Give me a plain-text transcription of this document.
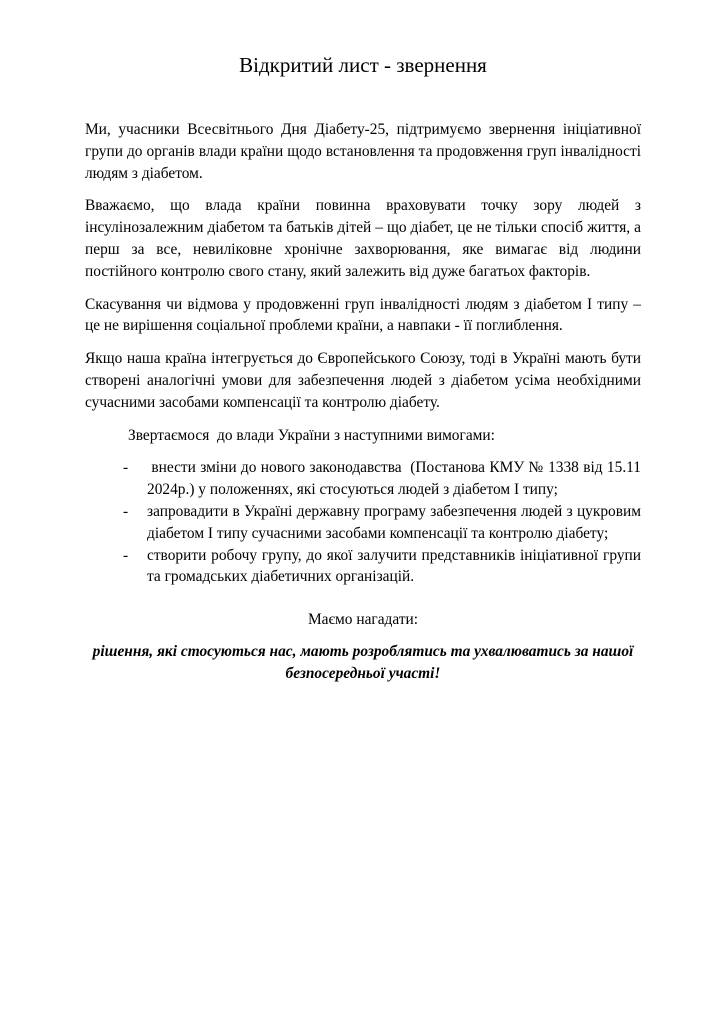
Відкритий лист - звернення

Ми, учасники Всесвітнього Дня Діабету-25, підтримуємо звернення ініціативної групи до органів влади країни щодо встановлення та продовження груп інвалідності людям з діабетом.

Вважаємо, що влада країни повинна враховувати точку зору людей з інсулінозалежним діабетом та батьків дітей – що діабет, це не тільки спосіб життя, а перш за все, невиліковне хронічне захворювання, яке вимагає від людини постійного контролю свого стану, який залежить від дуже багатьох факторів.

Скасування чи відмова у продовженні груп інвалідності людям з діабетом І типу – це не вирішення соціальної проблеми країни, а навпаки - її поглиблення.

Якщо наша країна інтегрується до Європейського Союзу, тоді в Україні мають бути створені аналогічні умови для забезпечення людей з діабетом усіма необхідними сучасними засобами компенсації та контролю діабету.

Звертаємося  до влади України з наступними вимогами:

- внести зміни до нового законодавства  (Постанова КМУ № 1338 від 15.11 2024р.) у положеннях, які стосуються людей з діабетом І типу;
- запровадити в Україні державну програму забезпечення людей з цукровим діабетом І типу сучасними засобами компенсації та контролю діабету;
- створити робочу групу, до якої залучити представників ініціативної групи та громадських діабетичних організацій.

Маємо нагадати:

рішення, які стосуються нас, мають розроблятись та ухвалюватись за нашої безпосередньої участі!
